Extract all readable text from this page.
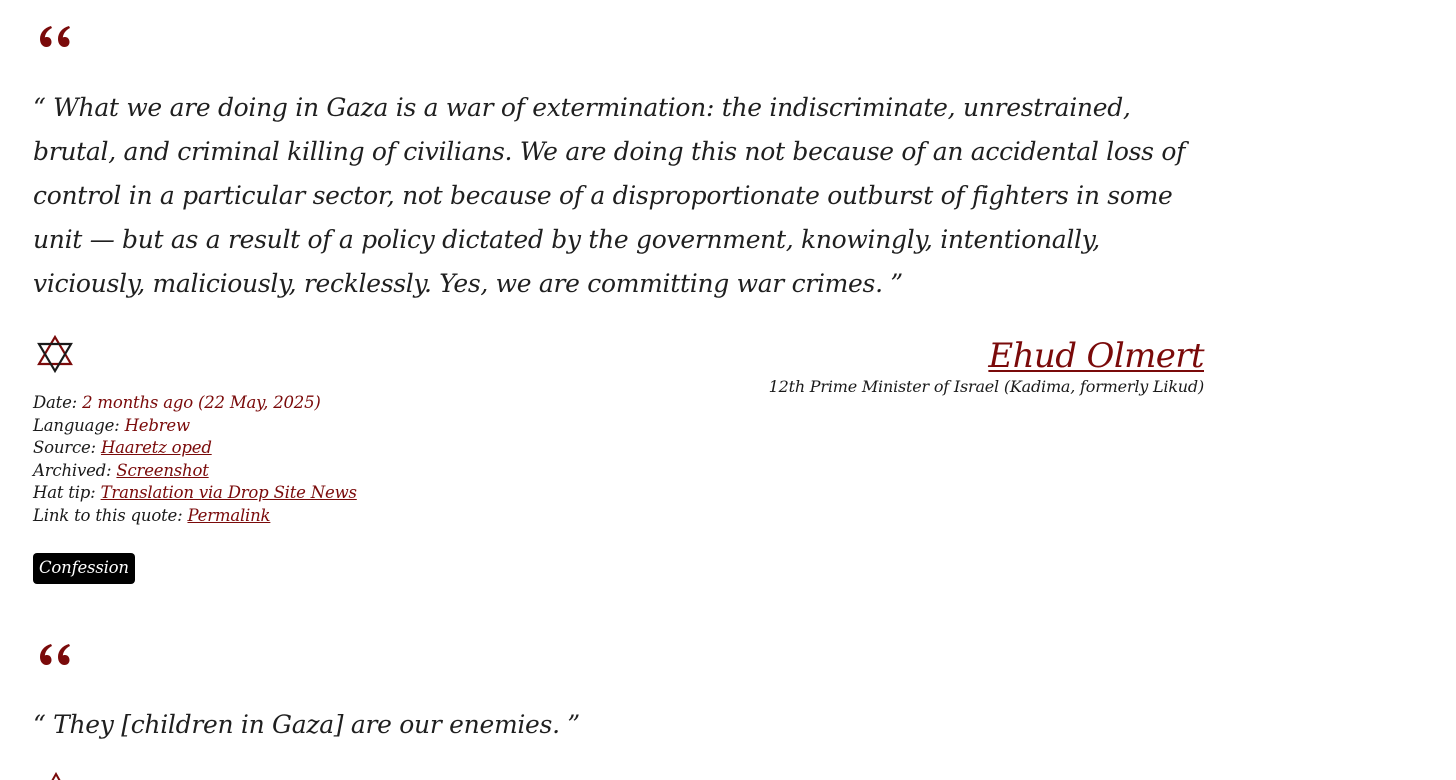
“ What we are doing in Gaza is a war of extermination: the indiscriminate, unrestrained, brutal, and criminal killing of civilians. We are doing this not because of an accidental loss of control in a particular sector, not because of a disproportionate outburst of fighters in some unit — but as a result of a policy dictated by the government, knowingly, intentionally, viciously, maliciously, recklessly. Yes, we are committing war crimes. ”

Ehud Olmert
12th Prime Minister of Israel (Kadima, formerly Likud)
Date: 2 months ago (22 May, 2025)
Language: Hebrew
Source: Haaretz oped
Archived: Screenshot
Hat tip: Translation via Drop Site News
Link to this quote: Permalink
Confession

“ They [children in Gaza] are our enemies. ”
